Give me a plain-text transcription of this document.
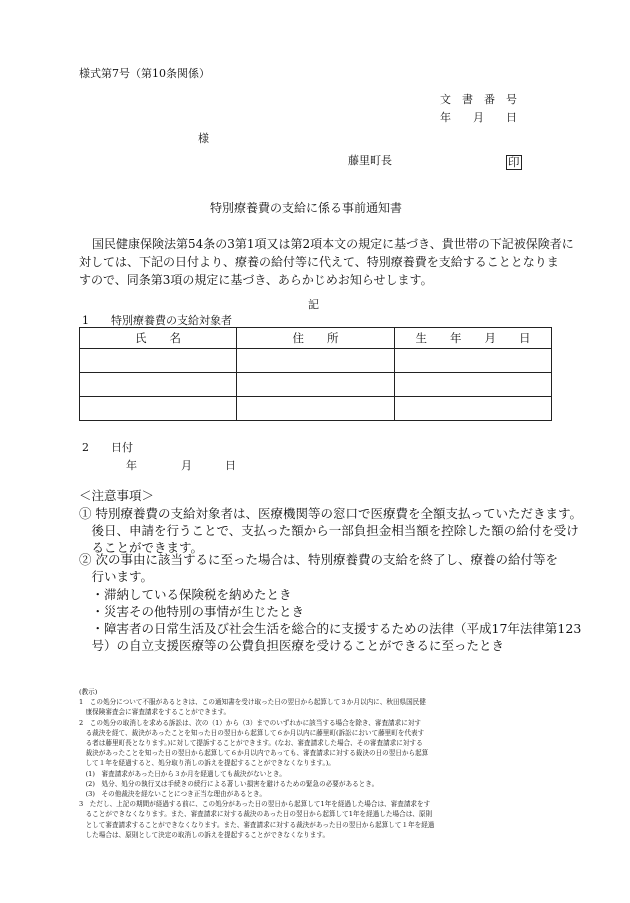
様式第7号（第10条関係）
文　書　番　号
年　　月　　日
様
藤里町長	印
特別療養費の支給に係る事前通知書
国民健康保険法第54条の3第1項又は第2項本文の規定に基づき、貴世帯の下記被保険者に
対しては、下記の日付より、療養の給付等に代えて、特別療養費を支給することとなりま
すので、同条第3項の規定に基づき、あらかじめお知らせします。
記
1　　特別療養費の支給対象者
氏　　名	住　　所	生　　年　　月　　日

2　　日付
年　　　　月　　　日
＜注意事項＞
① 特別療養費の支給対象者は、医療機関等の窓口で医療費を全額支払っていただきます。
　後日、申請を行うことで、支払った額から一部負担金相当額を控除した額の給付を受け
　ることができます。
② 次の事由に該当するに至った場合は、特別療養費の支給を終了し、療養の給付等を
　行います。
　・滞納している保険税を納めたとき
　・災害その他特別の事情が生じたとき
　・障害者の日常生活及び社会生活を総合的に支援するための法律（平成17年法律第123
　号）の自立支援医療等の公費負担医療を受けることができるに至ったとき
(教示)
1　この処分について不服があるときは、この通知書を受け取った日の翌日から起算して３か月以内に、秋田県国民健
　康保険審査会に審査請求をすることができます。
2　この処分の取消しを求める訴訟は、次の（1）から（3）までのいずれかに該当する場合を除き、審査請求に対す
　る裁決を経て、裁決があったことを知った日の翌日から起算して６か月以内に藤里町(訴訟において藤里町を代表す
　る者は藤里町長となります。)に対して提訴することができます。(なお、審査請求した場合、その審査請求に対する
　裁決があったことを知った日の翌日から起算して６か月以内であっても、審査請求に対する裁決の日の翌日から起算
　して１年を経過すると、処分取り消しの訴えを提起することができなくなります。)。
　(1)　審査請求があった日から３か月を経過しても裁決がないとき。
　(2)　処分、処分の執行又は手続きの続行による著しい損害を避けるための緊急の必要があるとき。
　(3)　その他裁決を経ないことにつき正当な理由があるとき。
3　ただし、上記の期間が経過する前に、この処分があった日の翌日から起算して1年を経過した場合は、審査請求をす
　ることができなくなります。また、審査請求に対する裁決のあった日の翌日から起算して1年を経過した場合は、原則
　として審査請求することができなくなります。また、審査請求に対する裁決があった日の翌日から起算して１年を経過
　した場合は、原則として決定の取消しの訴えを提起することができなくなります。
